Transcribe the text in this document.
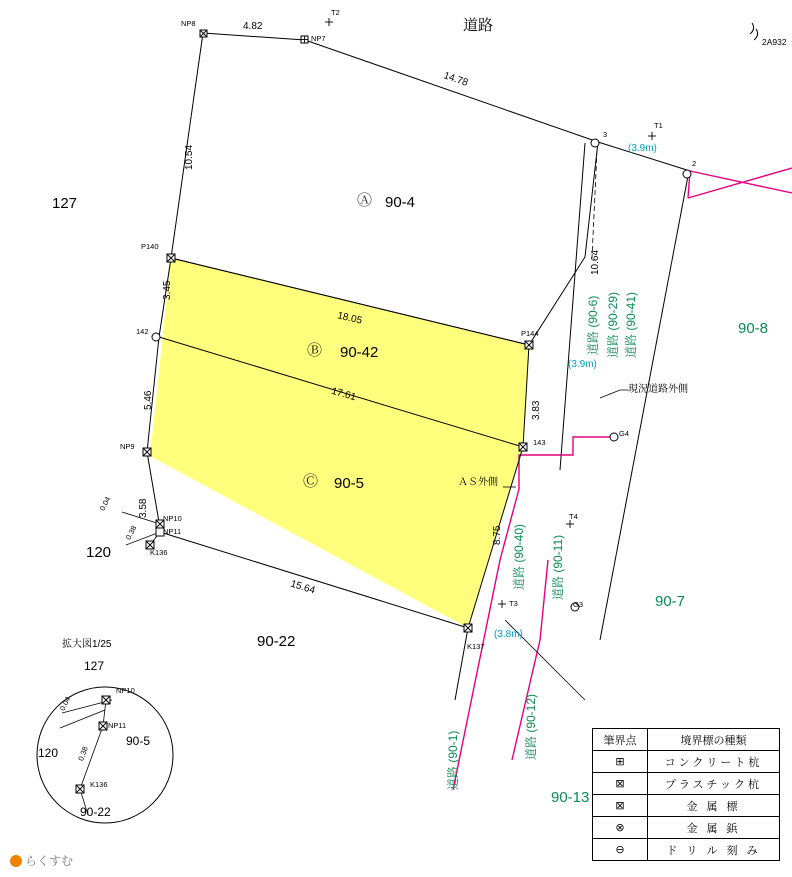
道路
2A932
NP8
NP7
T2
T1
3
2
P140
142	P144
143
NP9
NP10
NP11
K136
K137
T3
T4
G4
G3
4.82
14.78
10.54
3.45
18.05
5.46	17.61
3.83
3.58
8.75
15.64
10.64
0.04
0.38
Ⓐ 90-4
Ⓑ 90-42
Ⓒ 90-5
127
120
90-22
90-8
90-7
90-13
道路 (90-6) 道路 (90-29) 道路 (90-41)
道路 (90-40) 道路 (90-11)
道路 (90-12)
道路 (90-1)
(3.9m)
(3.9m)
(3.8m)
現況道路外側
ＡＳ外側
拡大図1/25
127
120
90-5
90-22
NP10
NP11
K136
0.04
0.38
筆界点	境界標の種類
⊞	コンクリート杭
⊠	プラスチック杭
⊠	金 属 標
⊗	金 属 鋲
⊖	ド リ ル 刻 み
らくすむ
